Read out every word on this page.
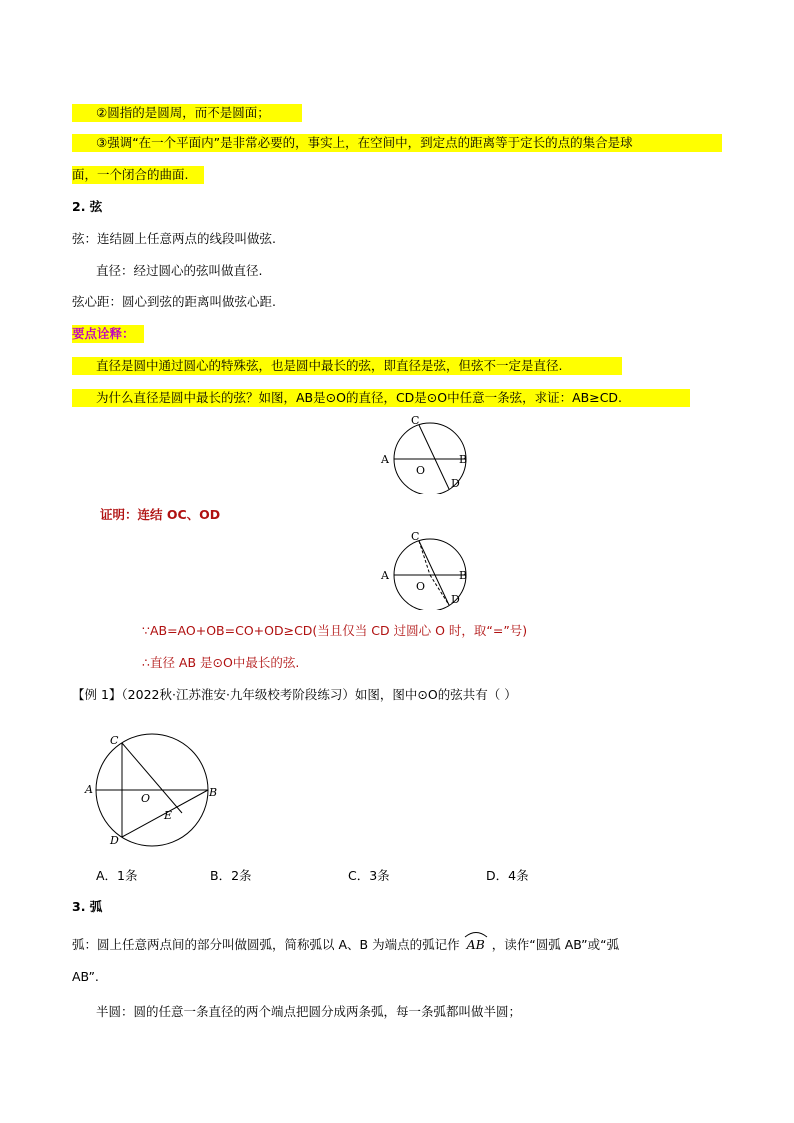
②圆指的是圆周，而不是圆面；
③强调“在一个平面内”是非常必要的，事实上，在空间中，到定点的距离等于定长的点的集合是球
面，一个闭合的曲面.
2. 弦
弦：连结圆上任意两点的线段叫做弦.
直径：经过圆心的弦叫做直径.
弦心距：圆心到弦的距离叫做弦心距.
要点诠释：
直径是圆中通过圆心的特殊弦，也是圆中最长的弦，即直径是弦，但弦不一定是直径.
为什么直径是圆中最长的弦？如图，AB是⊙O的直径，CD是⊙O中任意一条弦，求证：AB≥CD.
A	B
C
D
O
证明：连结 OC、OD
A	B
C
D
O
∵AB=AO+OB=CO+OD≥CD(当且仅当 CD 过圆心 O 时，取“=”号)
∴直径 AB 是⊙O中最长的弦.
【例 1】（2022秋·江苏淮安·九年级校考阶段练习）如图，图中⊙O的弦共有（ ）
A	B
C
D
O
E
A．1条	B．2条	C．3条	D．4条
3. 弧
弧：圆上任意两点间的部分叫做圆弧，简称弧以 A、B 为端点的弧记作 AB ，读作“圆弧 AB”或“弧
AB”.
半圆：圆的任意一条直径的两个端点把圆分成两条弧，每一条弧都叫做半圆；
